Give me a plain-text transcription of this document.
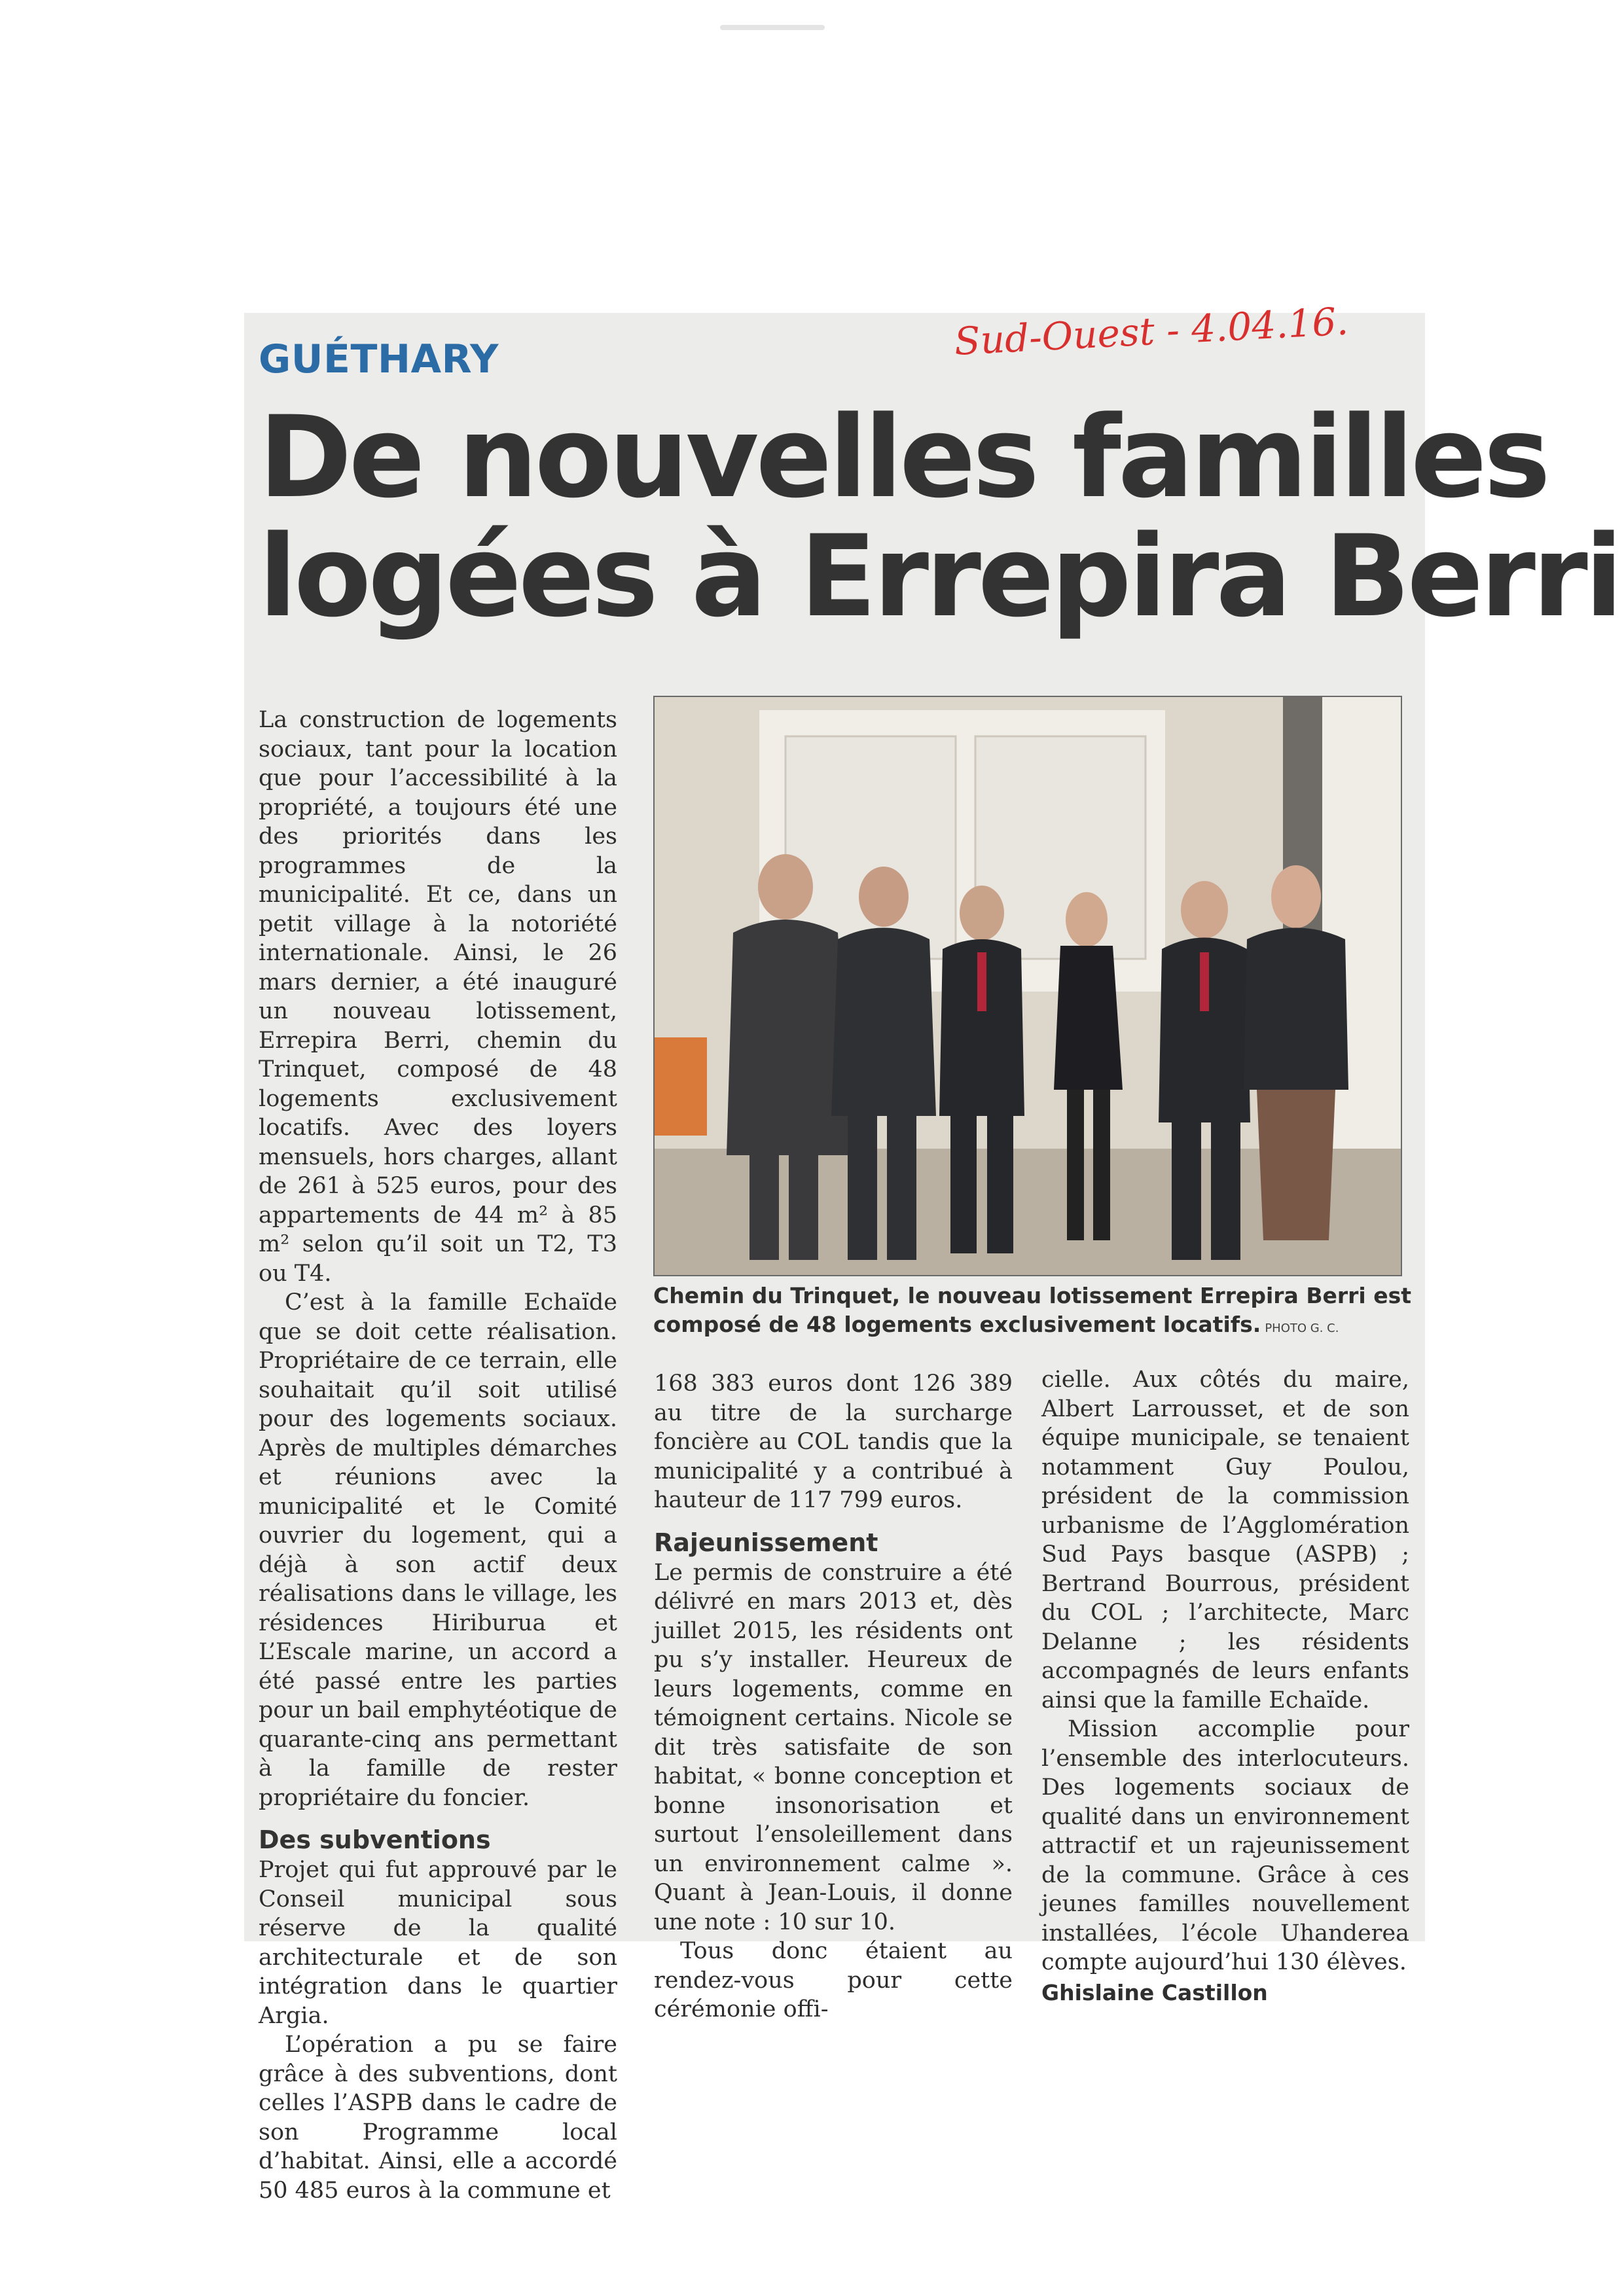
GUÉTHARY	Sud-Ouest - 4.04.16.
De nouvelles familles
logées à Errepira Berri

La construction de logements sociaux, tant pour la location que pour l’accessibilité à la propriété, a toujours été une des priorités dans les programmes de la municipalité. Et ce, dans un petit village à la notoriété internationale. Ainsi, le 26 mars dernier, a été inauguré un nouveau lotissement, Errepira Berri, chemin du Trinquet, composé de 48 logements exclusivement locatifs. Avec des loyers mensuels, hors charges, allant de 261 à 525 euros, pour des appartements de 44 m² à 85 m² selon qu’il soit un T2, T3 ou T4.

C’est à la famille Echaïde que se doit cette réalisation. Propriétaire de ce terrain, elle souhaitait qu’il soit utilisé pour des logements sociaux. Après de multiples démarches et réunions avec la municipalité et le Comité ouvrier du logement, qui a déjà à son actif deux réalisations dans le village, les résidences Hiriburua et L’Escale marine, un accord a été passé entre les parties pour un bail emphytéotique de quarante-cinq ans permettant à la famille de rester propriétaire du foncier.

Des subventions

Projet qui fut approuvé par le Conseil municipal sous réserve de la qualité architecturale et de son intégration dans le quartier Argia.

L’opération a pu se faire grâce à des subventions, dont celles l’ASPB dans le cadre de son Programme local d’habitat. Ainsi, elle a accordé 50 485 euros à la commune et

Chemin du Trinquet, le nouveau lotissement Errepira Berri est composé de 48 logements exclusivement locatifs. PHOTO G. C.

168 383 euros dont 126 389 au titre de la surcharge foncière au COL tandis que la municipalité y a contribué à hauteur de 117 799 euros.

Rajeunissement

Le permis de construire a été délivré en mars 2013 et, dès juillet 2015, les résidents ont pu s’y installer. Heureux de leurs logements, comme en témoignent certains. Nicole se dit très satisfaite de son habitat, « bonne conception et bonne insonorisation et surtout l’ensoleillement dans un environnement calme ». Quant à Jean-Louis, il donne une note : 10 sur 10.

Tous donc étaient au rendez-vous pour cette cérémonie offi-

cielle. Aux côtés du maire, Albert Larrousset, et de son équipe municipale, se tenaient notamment Guy Poulou, président de la commission urbanisme de l’Agglomération Sud Pays basque (ASPB) ; Bertrand Bourrous, président du COL ; l’architecte, Marc Delanne ; les résidents accompagnés de leurs enfants ainsi que la famille Echaïde.

Mission accomplie pour l’ensemble des interlocuteurs. Des logements sociaux de qualité dans un environnement attractif et un rajeunissement de la commune. Grâce à ces jeunes familles nouvellement installées, l’école Uhanderea compte aujourd’hui 130 élèves.

Ghislaine Castillon
